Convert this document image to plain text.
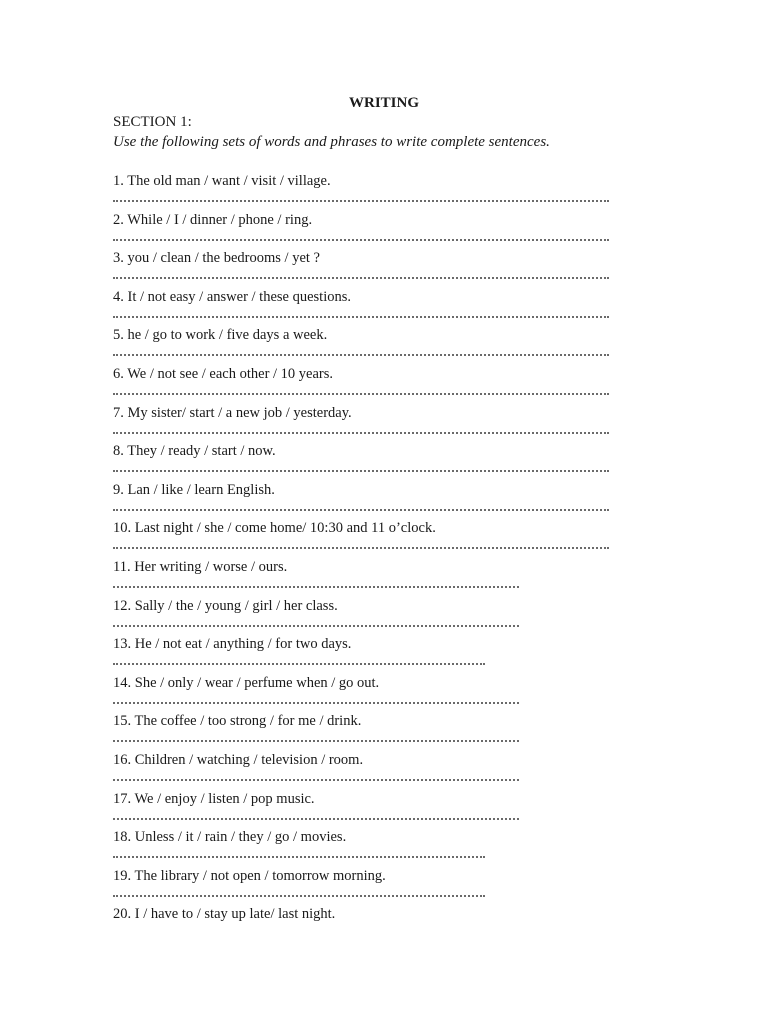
WRITING
SECTION 1:
Use the following sets of words and phrases to write complete sentences.
1. The old man / want / visit / village.
2. While / I / dinner / phone / ring.
3. you / clean / the bedrooms / yet ?
4. It / not easy / answer / these questions.
5. he / go to work / five days a week.
6. We / not see / each other / 10 years.
7. My sister/ start / a new job / yesterday.
8. They / ready / start / now.
9. Lan / like / learn English.
10. Last night / she / come home/ 10:30 and 11 o’clock.
11. Her writing / worse / ours.
12. Sally / the / young / girl / her class.
13. He / not eat / anything / for two days.
14. She / only / wear / perfume when / go out.
15. The coffee / too strong / for me / drink.
16. Children / watching / television / room.
17. We / enjoy / listen / pop music.
18. Unless / it / rain / they / go / movies.
19. The library / not open / tomorrow morning.
20. I / have to / stay up late/ last night.
